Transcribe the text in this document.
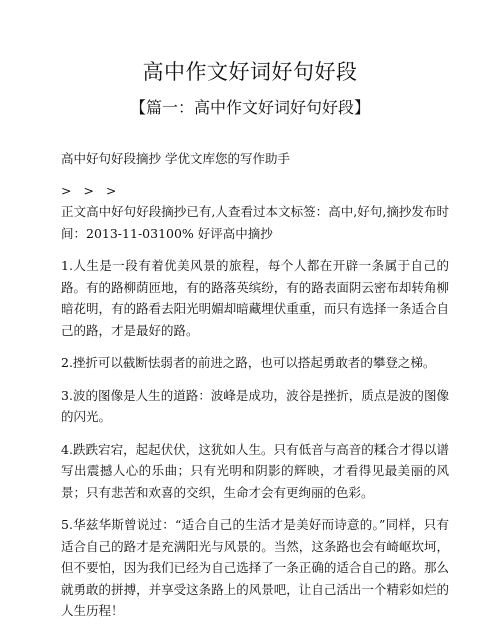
高中作文好词好句好段
【篇一：高中作文好词好句好段】

高中好句好段摘抄 学优文库您的写作助手

> > >

正文高中好句好段摘抄已有,人查看过本文标签：高中,好句,摘抄发布时间：2013-11-03100% 好评高中摘抄

1.人生是一段有着优美风景的旅程，每个人都在开辟一条属于自己的路。有的路柳荫匝地，有的路落英缤纷，有的路表面阴云密布却转角柳暗花明，有的路看去阳光明媚却暗藏埋伏重重，而只有选择一条适合自己的路，才是最好的路。

2.挫折可以截断怯弱者的前进之路，也可以搭起勇敢者的攀登之梯。

3.波的图像是人生的道路：波峰是成功，波谷是挫折，质点是波的图像的闪光。

4.跌跌宕宕，起起伏伏，这犹如人生。只有低音与高音的糅合才得以谱写出震撼人心的乐曲；只有光明和阴影的辉映，才看得见最美丽的风景；只有悲苦和欢喜的交织，生命才会有更绚丽的色彩。

5.华兹华斯曾说过：“适合自己的生活才是美好而诗意的。”同样，只有适合自己的路才是充满阳光与风景的。当然，这条路也会有崎岖坎坷，但不要怕，因为我们已经为自己选择了一条正确的适合自己的路。那么就勇敢的拼搏，并享受这条路上的风景吧，让自己活出一个精彩如烂的人生历程！
